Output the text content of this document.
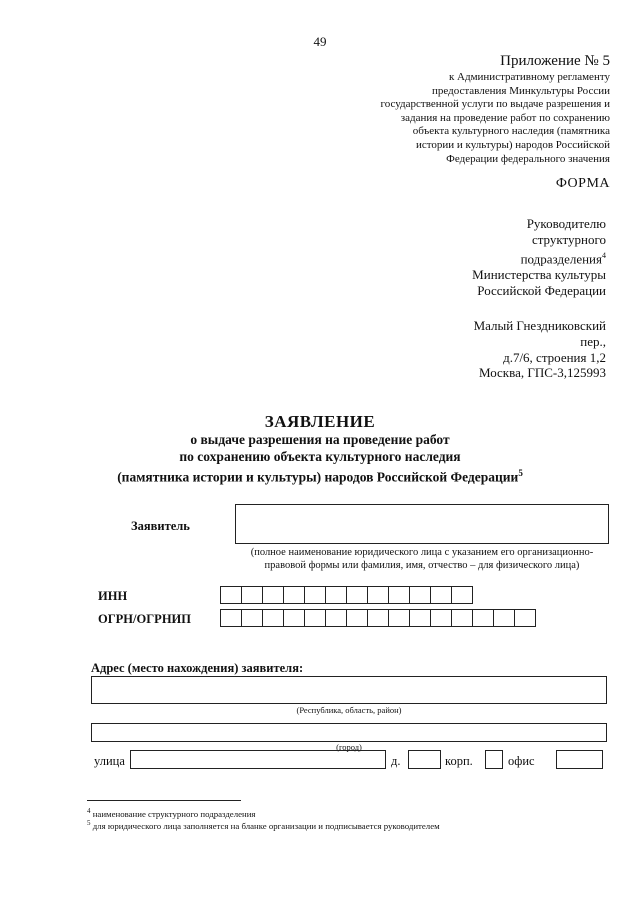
49
Приложение № 5
к Административному регламенту
предоставления Минкультуры России
государственной услуги по выдаче разрешения и
задания на проведение работ по сохранению
объекта культурного наследия (памятника
истории и культуры) народов Российской
Федерации федерального значения
ФОРМА
Руководителю
структурного
подразделения$^4$
Министерства культуры
Российской Федерации
Малый Гнездниковский
пер.,
д.7/6, строения 1,2
Москва, ГПС-3,125993
ЗАЯВЛЕНИЕ
о выдаче разрешения на проведение работ
по сохранению объекта культурного наследия
(памятника истории и культуры) народов Российской Федерации$^5$
Заявитель
(полное наименование юридического лица с указанием его организационно-
правовой формы или фамилия, имя, отчество – для физического лица)
ИНН
ОГРН/ОГРНИП
Адрес (место нахождения) заявителя:
(Республика, область, район)
(город)
улица	д.	корп.	офис
$^4$ наименование структурного подразделения
$^5$ для юридического лица заполняется на бланке организации и подписывается руководителем
